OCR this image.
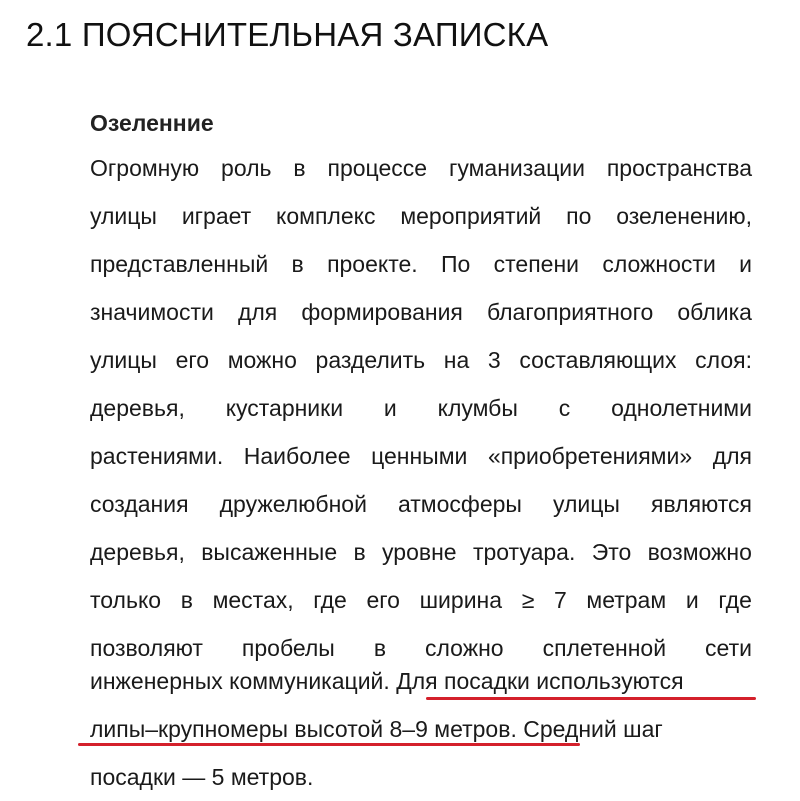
2.1 ПОЯСНИТЕЛЬНАЯ ЗАПИСКА
Озеленние
Огромную роль в процессе гуманизации пространства
улицы играет комплекс мероприятий по озеленению,
представленный в проекте. По степени сложности и
значимости для формирования благоприятного облика
улицы его можно разделить на 3 составляющих слоя:
деревья, кустарники и клумбы с однолетними
растениями. Наиболее ценными «приобретениями» для
создания дружелюбной атмосферы улицы являются
деревья, высаженные в уровне тротуара. Это возможно
только в местах, где его ширина ≥ 7 метрам и где
позволяют пробелы в сложно сплетенной сети
инженерных коммуникаций. Для посадки используются
липы–крупномеры высотой 8–9 метров. Средний шаг
посадки — 5 метров.
